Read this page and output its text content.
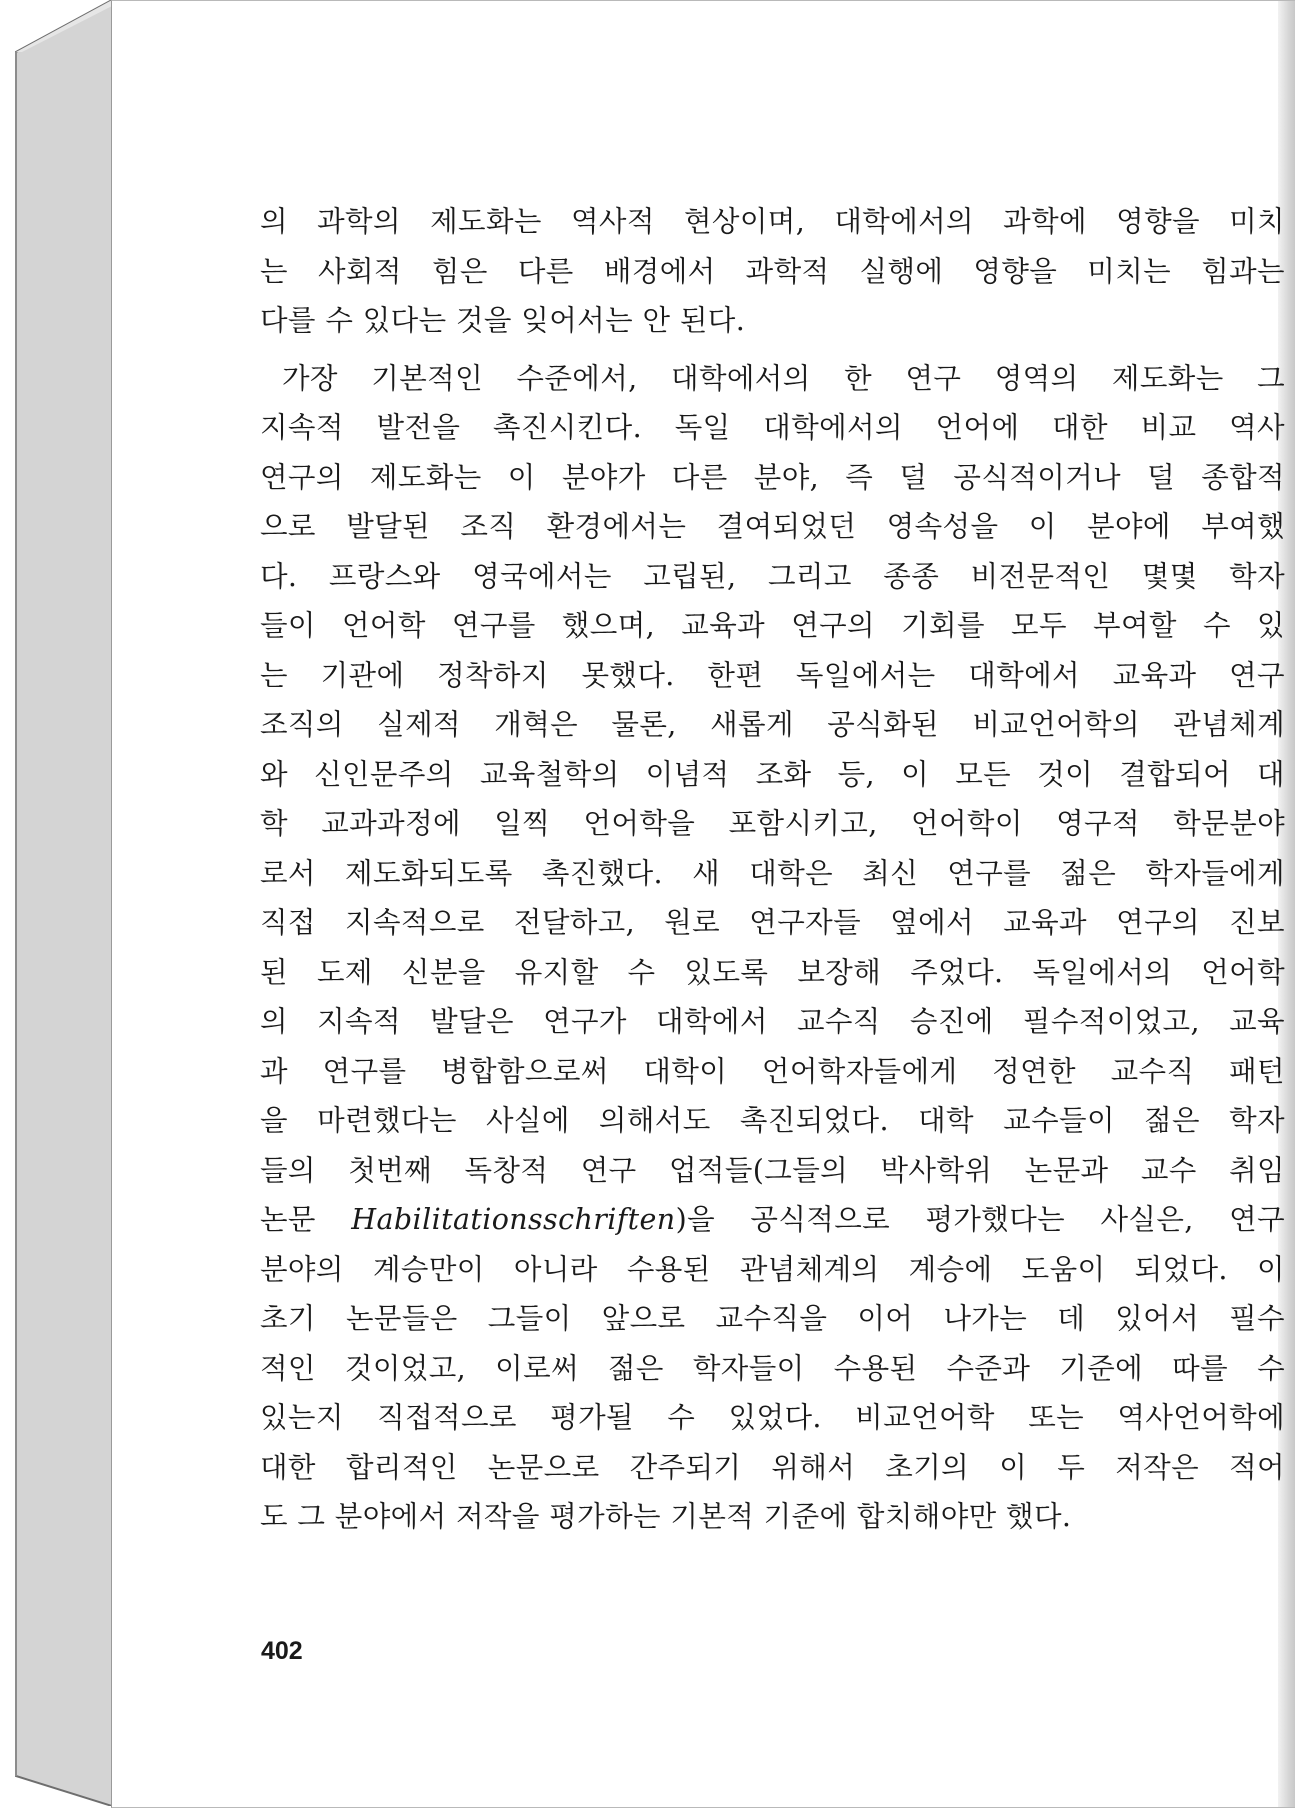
의 과학의 제도화는 역사적 현상이며, 대학에서의 과학에 영향을 미치
는 사회적 힘은 다른 배경에서 과학적 실행에 영향을 미치는 힘과는
다를 수 있다는 것을 잊어서는 안 된다.
가장 기본적인 수준에서, 대학에서의 한 연구 영역의 제도화는 그
지속적 발전을 촉진시킨다. 독일 대학에서의 언어에 대한 비교 역사
연구의 제도화는 이 분야가 다른 분야, 즉 덜 공식적이거나 덜 종합적
으로 발달된 조직 환경에서는 결여되었던 영속성을 이 분야에 부여했
다. 프랑스와 영국에서는 고립된, 그리고 종종 비전문적인 몇몇 학자
들이 언어학 연구를 했으며, 교육과 연구의 기회를 모두 부여할 수 있
는 기관에 정착하지 못했다. 한편 독일에서는 대학에서 교육과 연구
조직의 실제적 개혁은 물론, 새롭게 공식화된 비교언어학의 관념체계
와 신인문주의 교육철학의 이념적 조화 등, 이 모든 것이 결합되어 대
학 교과과정에 일찍 언어학을 포함시키고, 언어학이 영구적 학문분야
로서 제도화되도록 촉진했다. 새 대학은 최신 연구를 젊은 학자들에게
직접 지속적으로 전달하고, 원로 연구자들 옆에서 교육과 연구의 진보
된 도제 신분을 유지할 수 있도록 보장해 주었다. 독일에서의 언어학
의 지속적 발달은 연구가 대학에서 교수직 승진에 필수적이었고, 교육
과 연구를 병합함으로써 대학이 언어학자들에게 정연한 교수직 패턴
을 마련했다는 사실에 의해서도 촉진되었다. 대학 교수들이 젊은 학자
들의 첫번째 독창적 연구 업적들(그들의 박사학위 논문과 교수 취임
논문 Habilitationsschriften)을 공식적으로 평가했다는 사실은, 연구
분야의 계승만이 아니라 수용된 관념체계의 계승에 도움이 되었다. 이
초기 논문들은 그들이 앞으로 교수직을 이어 나가는 데 있어서 필수
적인 것이었고, 이로써 젊은 학자들이 수용된 수준과 기준에 따를 수
있는지 직접적으로 평가될 수 있었다. 비교언어학 또는 역사언어학에
대한 합리적인 논문으로 간주되기 위해서 초기의 이 두 저작은 적어
도 그 분야에서 저작을 평가하는 기본적 기준에 합치해야만 했다.
402
